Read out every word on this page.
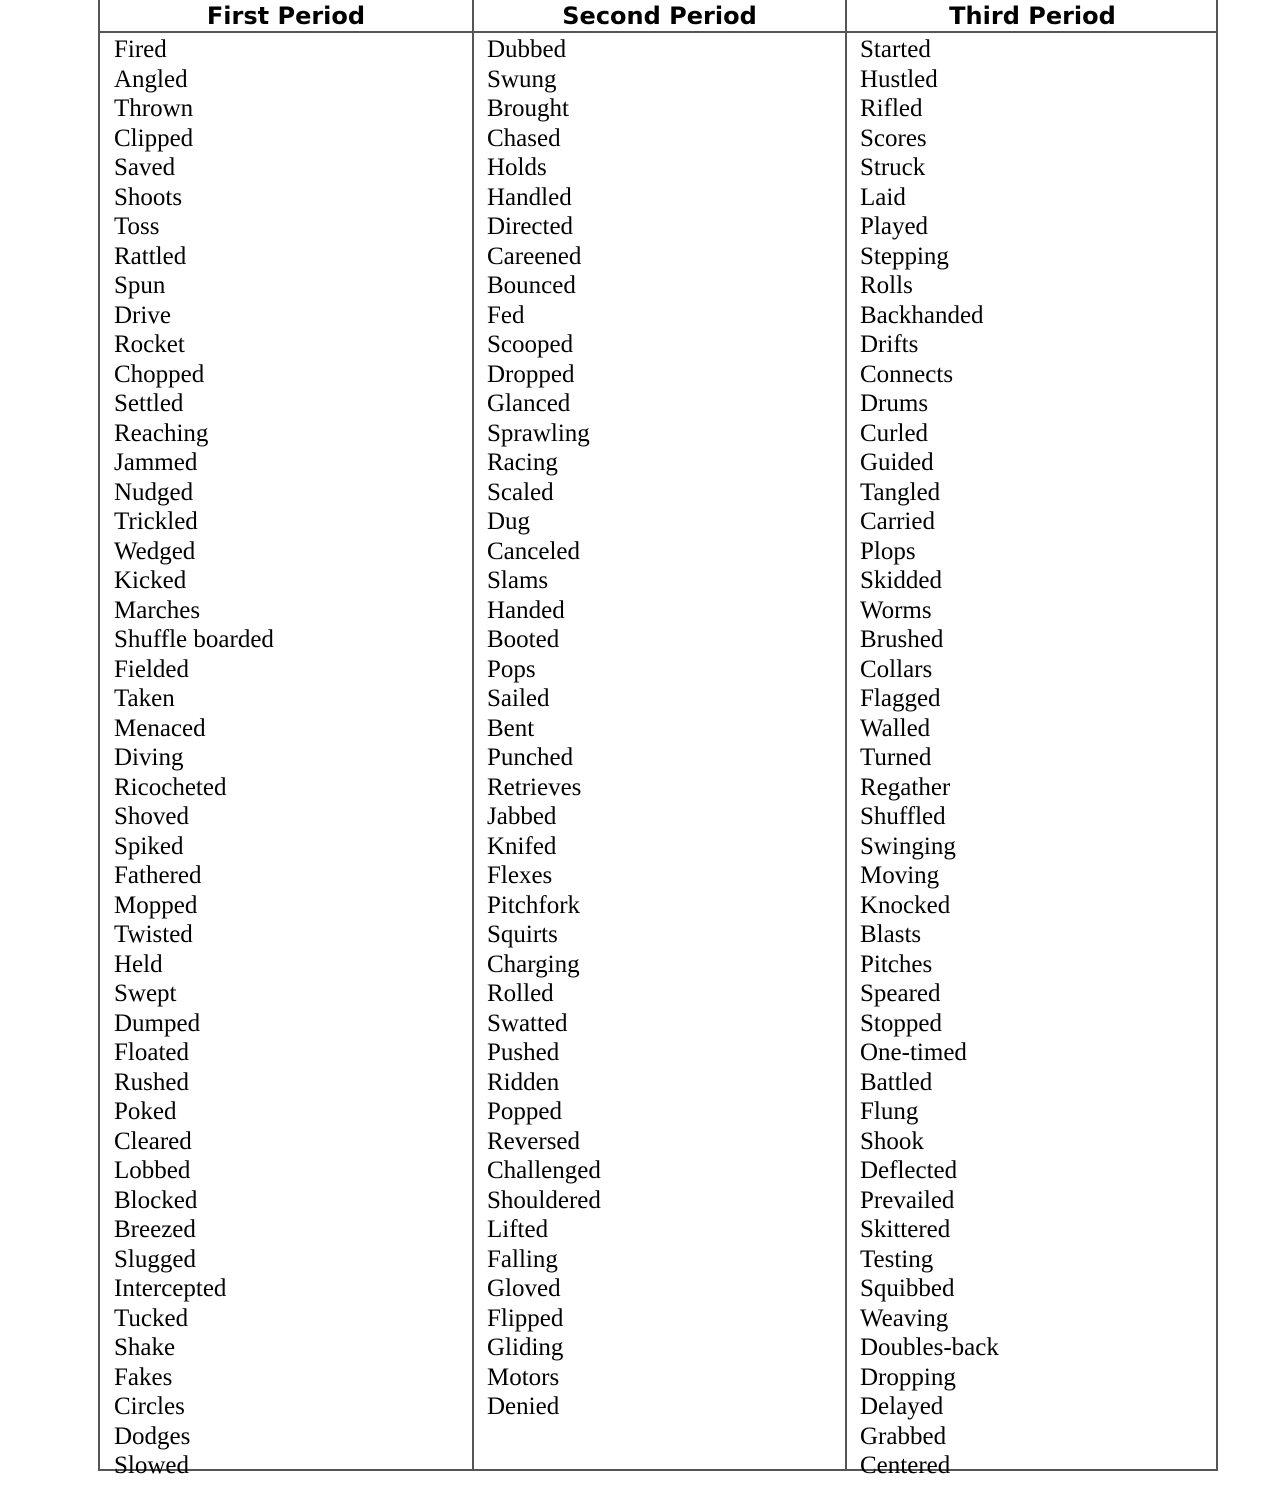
First Period	Second Period	Third Period
Fired
Angled
Thrown
Clipped
Saved
Shoots
Toss
Rattled
Spun
Drive
Rocket
Chopped
Settled
Reaching
Jammed
Nudged
Trickled
Wedged
Kicked
Marches
Shuffle boarded
Fielded
Taken
Menaced
Diving
Ricocheted
Shoved
Spiked
Fathered
Mopped
Twisted
Held
Swept
Dumped
Floated
Rushed
Poked
Cleared
Lobbed
Blocked
Breezed
Slugged
Intercepted
Tucked
Shake
Fakes
Circles
Dodges
Slowed
Dubbed
Swung
Brought
Chased
Holds
Handled
Directed
Careened
Bounced
Fed
Scooped
Dropped
Glanced
Sprawling
Racing
Scaled
Dug
Canceled
Slams
Handed
Booted
Pops
Sailed
Bent
Punched
Retrieves
Jabbed
Knifed
Flexes
Pitchfork
Squirts
Charging
Rolled
Swatted
Pushed
Ridden
Popped
Reversed
Challenged
Shouldered
Lifted
Falling
Gloved
Flipped
Gliding
Motors
Denied
Started
Hustled
Rifled
Scores
Struck
Laid
Played
Stepping
Rolls
Backhanded
Drifts
Connects
Drums
Curled
Guided
Tangled
Carried
Plops
Skidded
Worms
Brushed
Collars
Flagged
Walled
Turned
Regather
Shuffled
Swinging
Moving
Knocked
Blasts
Pitches
Speared
Stopped
One-timed
Battled
Flung
Shook
Deflected
Prevailed
Skittered
Testing
Squibbed
Weaving
Doubles-back
Dropping
Delayed
Grabbed
Centered
